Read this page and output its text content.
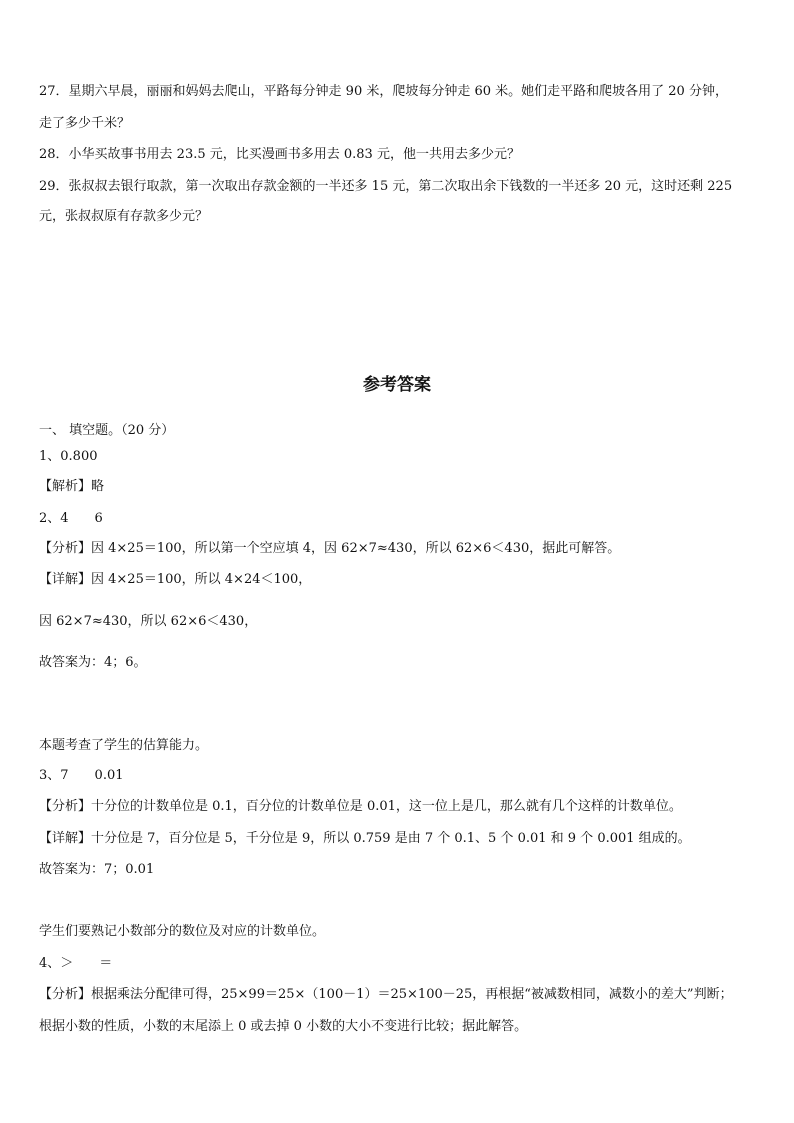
27．星期六早晨，丽丽和妈妈去爬山，平路每分钟走 90 米，爬坡每分钟走 60 米。她们走平路和爬坡各用了 20 分钟，
走了多少千米？
28．小华买故事书用去 23.5 元，比买漫画书多用去 0.83 元，他一共用去多少元？
29．张叔叔去银行取款，第一次取出存款金额的一半还多 15 元，第二次取出余下钱数的一半还多 20 元，这时还剩 225
元，张叔叔原有存款多少元？
参考答案
一、 填空题。（20 分）
1、0.800
【解析】略
2、4　　6
【分析】因 4×25＝100，所以第一个空应填 4，因 62×7≈430，所以 62×6＜430，据此可解答。
【详解】因 4×25＝100，所以 4×24＜100，
因 62×7≈430，所以 62×6＜430，
故答案为：4；6。
本题考查了学生的估算能力。
3、7　　0.01
【分析】十分位的计数单位是 0.1，百分位的计数单位是 0.01，这一位上是几，那么就有几个这样的计数单位。
【详解】十分位是 7，百分位是 5，千分位是 9，所以 0.759 是由 7 个 0.1、5 个 0.01 和 9 个 0.001 组成的。
故答案为：7；0.01
学生们要熟记小数部分的数位及对应的计数单位。
4、＞　　＝
【分析】根据乘法分配律可得，25×99＝25×（100－1）＝25×100－25，再根据“被减数相同，减数小的差大”判断；
根据小数的性质，小数的末尾添上 0 或去掉 0 小数的大小不变进行比较；据此解答。
